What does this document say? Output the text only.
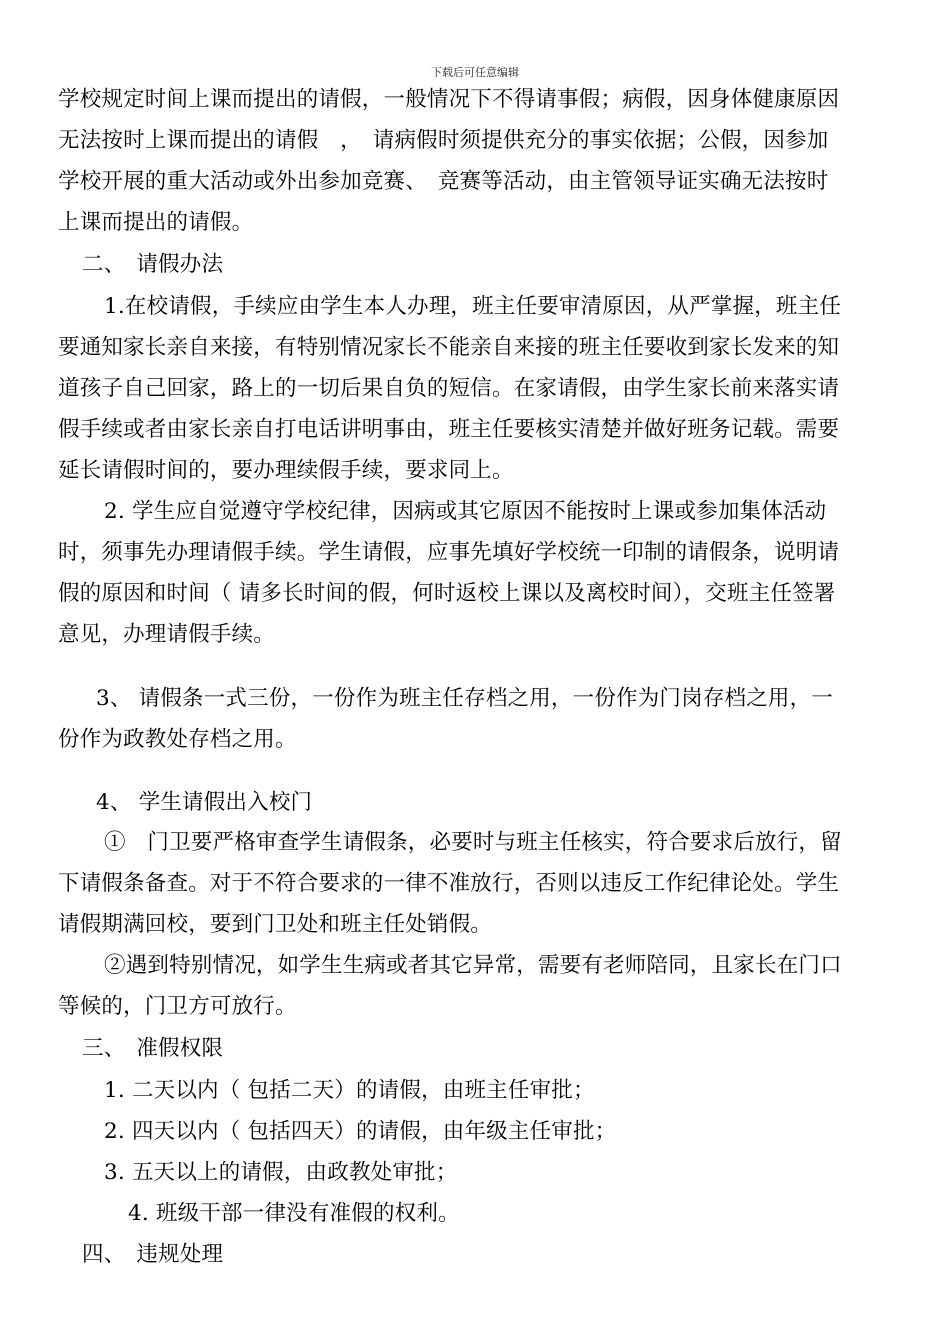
下载后可任意编辑
学校规定时间上课而提出的请假，一般情况下不得请事假；病假，因身体健康原因
无法按时上课而提出的请假　，　请病假时须提供充分的事实依据；公假，因参加
学校开展的重大活动或外出参加竞赛、　竞赛等活动，由主管领导证实确无法按时
上课而提出的请假。
二、　请假办法
1.在校请假，手续应由学生本人办理，班主任要审清原因，从严掌握，班主任
要通知家长亲自来接，有特别情况家长不能亲自来接的班主任要收到家长发来的知
道孩子自己回家，路上的一切后果自负的短信。在家请假，由学生家长前来落实请
假手续或者由家长亲自打电话讲明事由，班主任要核实清楚并做好班务记载。需要
延长请假时间的，要办理续假手续，要求同上。
2. 学生应自觉遵守学校纪律，因病或其它原因不能按时上课或参加集体活动
时，须事先办理请假手续。学生请假，应事先填好学校统一印制的请假条，说明请
假的原因和时间（ 请多长时间的假，何时返校上课以及离校时间），交班主任签署
意见，办理请假手续。
3、 请假条一式三份，一份作为班主任存档之用，一份作为门岗存档之用，一
份作为政教处存档之用。
4、 学生请假出入校门
①　门卫要严格审查学生请假条，必要时与班主任核实，符合要求后放行，留
下请假条备查。对于不符合要求的一律不准放行，否则以违反工作纪律论处。学生
请假期满回校，要到门卫处和班主任处销假。
②遇到特别情况，如学生生病或者其它异常，需要有老师陪同，且家长在门口
等候的，门卫方可放行。
三、　准假权限
1. 二天以内（ 包括二天）的请假，由班主任审批；
2. 四天以内（ 包括四天）的请假，由年级主任审批；
3. 五天以上的请假，由政教处审批；
4. 班级干部一律没有准假的权利。
四、　违规处理
